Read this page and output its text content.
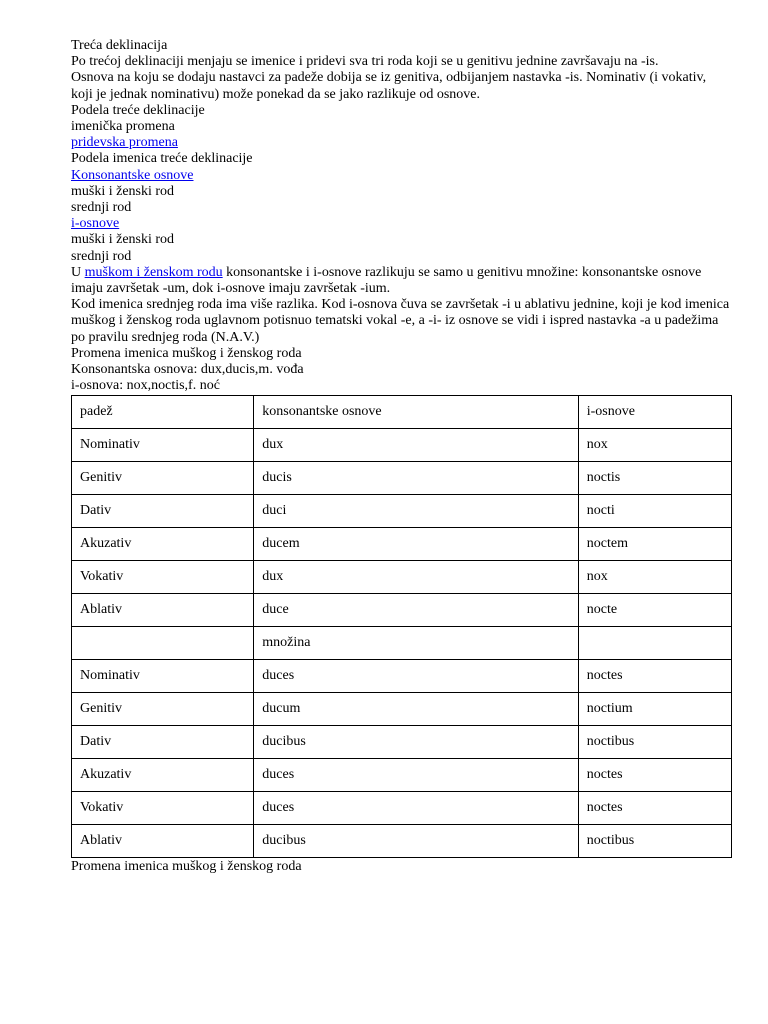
Treća deklinacija
Po trećoj deklinaciji menjaju se imenice i pridevi sva tri roda koji se u genitivu jednine završavaju na -is.
Osnova na koju se dodaju nastavci za padeže dobija se iz genitiva, odbijanjem nastavka -is. Nominativ (i vokativ, koji je jednak nominativu) može ponekad da se jako razlikuje od osnove.
Podela treće deklinacije
imenička promena
pridevska promena
Podela imenica treće deklinacije
Konsonantske osnove
muški i ženski rod
srednji rod
i-osnove
muški i ženski rod
srednji rod
U muškom i ženskom rodu konsonantske i i-osnove razlikuju se samo u genitivu množine: konsonantske osnove imaju završetak -um, dok i-osnove imaju završetak -ium.
Kod imenica srednjeg roda ima više razlika. Kod i-osnova čuva se završetak -i u ablativu jednine, koji je kod imenica muškog i ženskog roda uglavnom potisnuo tematski vokal -e, a -i- iz osnove se vidi i ispred nastavka -a u padežima po pravilu srednjeg roda (N.A.V.)
Promena imenica muškog i ženskog roda
Konsonantska osnova: dux,ducis,m. vođa
i-osnova: nox,noctis,f. noć
padež	konsonantske osnove	i-osnove
Nominativ	dux	nox
Genitiv	ducis	noctis
Dativ	duci	nocti
Akuzativ	ducem	noctem
Vokativ	dux	nox
Ablativ	duce	nocte
	množina	
Nominativ	duces	noctes
Genitiv	ducum	noctium
Dativ	ducibus	noctibus
Akuzativ	duces	noctes
Vokativ	duces	noctes
Ablativ	ducibus	noctibus
Promena imenica muškog i ženskog roda
